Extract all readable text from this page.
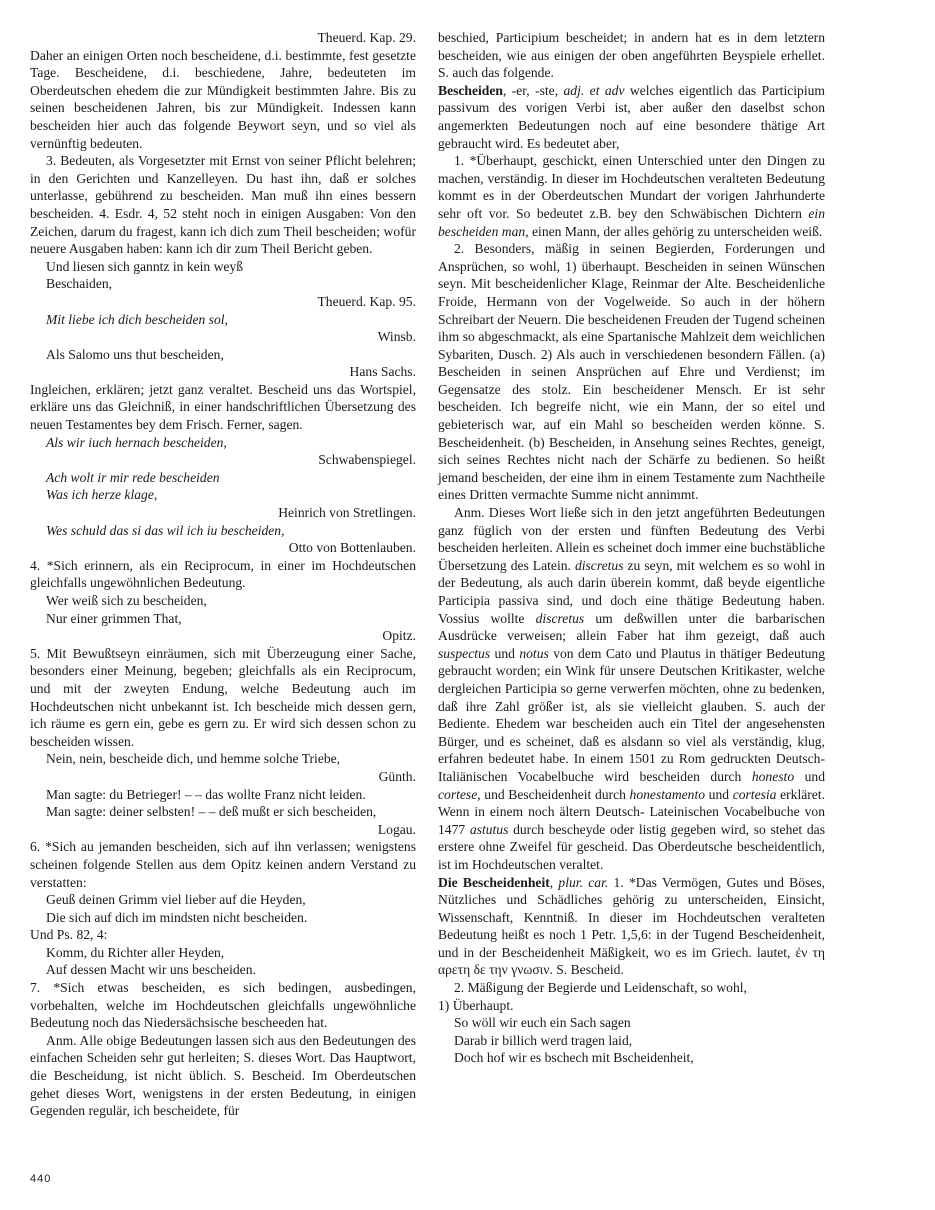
Theuerd. Kap. 29.

Daher an einigen Orten noch bescheidene, d.i. bestimmte, fest gesetzte Tage. Bescheidene, d.i. beschiedene, Jahre, bedeuteten im Oberdeutschen ehedem die zur Mündigkeit bestimmten Jahre. Bis zu seinen bescheidenen Jahren, bis zur Mündigkeit. Indessen kann bescheiden hier auch das folgende Beywort seyn, und so viel als vernünftig bedeuten.

3. Bedeuten, als Vorgesetzter mit Ernst von seiner Pflicht belehren; in den Gerichten und Kanzelleyen. Du hast ihn, daß er solches unterlasse, gebührend zu bescheiden. Man muß ihn eines bessern bescheiden. 4. Esdr. 4, 52 steht noch in einigen Ausgaben: Von den Zeichen, darum du fragest, kann ich dich zum Theil bescheiden; wofür neuere Ausgaben haben: kann ich dir zum Theil Bericht geben.

Und liesen sich ganntz in kein weyß

Beschaiden,

Theuerd. Kap. 95.

Mit liebe ich dich bescheiden sol,

Winsb.

Als Salomo uns thut bescheiden,

Hans Sachs.

Ingleichen, erklären; jetzt ganz veraltet. Bescheid uns das Wortspiel, erkläre uns das Gleichniß, in einer handschriftlichen Übersetzung des neuen Testamentes bey dem Frisch. Ferner, sagen.

Als wir iuch hernach bescheiden,

Schwabenspiegel.

Ach wolt ir mir rede bescheiden

Was ich herze klage,

Heinrich von Stretlingen.

Wes schuld das si das wil ich iu bescheiden,

Otto von Bottenlauben.

4. *Sich erinnern, als ein Reciprocum, in einer im Hochdeutschen gleichfalls ungewöhnlichen Bedeutung.

Wer weiß sich zu bescheiden,

Nur einer grimmen That,

Opitz.

5. Mit Bewußtseyn einräumen, sich mit Überzeugung einer Sache, besonders einer Meinung, begeben; gleichfalls als ein Reciprocum, und mit der zweyten Endung, welche Bedeutung auch im Hochdeutschen nicht unbekannt ist. Ich bescheide mich dessen gern, ich räume es gern ein, gebe es gern zu. Er wird sich dessen schon zu bescheiden wissen.

Nein, nein, bescheide dich, und hemme solche Triebe,

Günth.

Man sagte: du Betrieger! – – das wollte Franz nicht leiden.

Man sagte: deiner selbsten! – – deß mußt er sich bescheiden,

Logau.

6. *Sich au jemanden bescheiden, sich auf ihn verlassen; wenigstens scheinen folgende Stellen aus dem Opitz keinen andern Verstand zu verstatten:

Geuß deinen Grimm viel lieber auf die Heyden,

Die sich auf dich im mindsten nicht bescheiden.

Und Ps. 82, 4:

Komm, du Richter aller Heyden,

Auf dessen Macht wir uns bescheiden.

7. *Sich etwas bescheiden, es sich bedingen, ausbedingen, vorbehalten, welche im Hochdeutschen gleichfalls ungewöhnliche Bedeutung noch das Niedersächsische bescheeden hat.

Anm. Alle obige Bedeutungen lassen sich aus den Bedeutungen des einfachen Scheiden sehr gut herleiten; S. dieses Wort. Das Hauptwort, die Bescheidung, ist nicht üblich. S. Bescheid. Im Oberdeutschen gehet dieses Wort, wenigstens in der ersten Bedeutung, in einigen Gegenden regulär, ich bescheidete, für

beschied, Participium bescheidet; in andern hat es in dem letztern bescheiden, wie aus einigen der oben angeführten Beyspiele erhellet. S. auch das folgende.

Bescheiden, -er, -ste, adj. et adv welches eigentlich das Participium passivum des vorigen Verbi ist, aber außer den daselbst schon angemerkten Bedeutungen noch auf eine besondere thätige Art gebraucht wird. Es bedeutet aber,

1. *Überhaupt, geschickt, einen Unterschied unter den Dingen zu machen, verständig. In dieser im Hochdeutschen veralteten Bedeutung kommt es in der Oberdeutschen Mundart der vorigen Jahrhunderte sehr oft vor. So bedeutet z.B. bey den Schwäbischen Dichtern ein bescheiden man, einen Mann, der alles gehörig zu unterscheiden weiß.

2. Besonders, mäßig in seinen Begierden, Forderungen und Ansprüchen, so wohl, 1) überhaupt. Bescheiden in seinen Wünschen seyn. Mit bescheidenlicher Klage, Reinmar der Alte. Bescheidenliche Froide, Hermann von der Vogelweide. So auch in der höhern Schreibart der Neuern. Die bescheidenen Freuden der Tugend scheinen ihm so abgeschmackt, als eine Spartanische Mahlzeit dem weichlichen Sybariten, Dusch. 2) Als auch in verschiedenen besondern Fällen. (a) Bescheiden in seinen Ansprüchen auf Ehre und Verdienst; im Gegensatze des stolz. Ein bescheidener Mensch. Er ist sehr bescheiden. Ich begreife nicht, wie ein Mann, der so eitel und gebieterisch war, auf ein Mahl so bescheiden werden könne. S. Bescheidenheit. (b) Bescheiden, in Ansehung seines Rechtes, geneigt, sich seines Rechtes nicht nach der Schärfe zu bedienen. So heißt jemand bescheiden, der eine ihm in einem Testamente zum Nachtheile eines Dritten vermachte Summe nicht annimmt.

Anm. Dieses Wort ließe sich in den jetzt angeführten Bedeutungen ganz füglich von der ersten und fünften Bedeutung des Verbi bescheiden herleiten. Allein es scheinet doch immer eine buchstäbliche Übersetzung des Latein. discretus zu seyn, mit welchem es so wohl in der Bedeutung, als auch darin überein kommt, daß beyde eigentliche Participia passiva sind, und doch eine thätige Bedeutung haben. Vossius wollte discretus um deßwillen unter die barbarischen Ausdrücke verweisen; allein Faber hat ihm gezeigt, daß auch suspectus und notus von dem Cato und Plautus in thätiger Bedeutung gebraucht worden; ein Wink für unsere Deutschen Kritikaster, welche dergleichen Participia so gerne verwerfen möchten, ohne zu bedenken, daß ihre Zahl größer ist, als sie vielleicht glauben. S. auch der Bediente. Ehedem war bescheiden auch ein Titel der angesehensten Bürger, und es scheinet, daß es alsdann so viel als verständig, klug, erfahren bedeutet habe. In einem 1501 zu Rom gedruckten Deutsch- Italiänischen Vocabelbuche wird bescheiden durch honesto und cortese, und Bescheidenheit durch honestamento und cortesia erkläret. Wenn in einem noch ältern Deutsch- Lateinischen Vocabelbuche von 1477 astutus durch bescheyde oder listig gegeben wird, so stehet das erstere ohne Zweifel für gescheid. Das Oberdeutsche bescheidentlich, ist im Hochdeutschen veraltet.

Die Bescheidenheit, plur. car. 1. *Das Vermögen, Gutes und Böses, Nützliches und Schädliches gehörig zu unterscheiden, Einsicht, Wissenschaft, Kenntniß. In dieser im Hochdeutschen veralteten Bedeutung heißt es noch 1 Petr. 1,5,6: in der Tugend Bescheidenheit, und in der Bescheidenheit Mäßigkeit, wo es im Griech. lautet, ἐν τη αρετη δε την γνωσιν. S. Bescheid.

2. Mäßigung der Begierde und Leidenschaft, so wohl,

1) Überhaupt.

So wöll wir euch ein Sach sagen

Darab ir billich werd tragen laid,

Doch hof wir es bschech mit Bscheidenheit,

440
